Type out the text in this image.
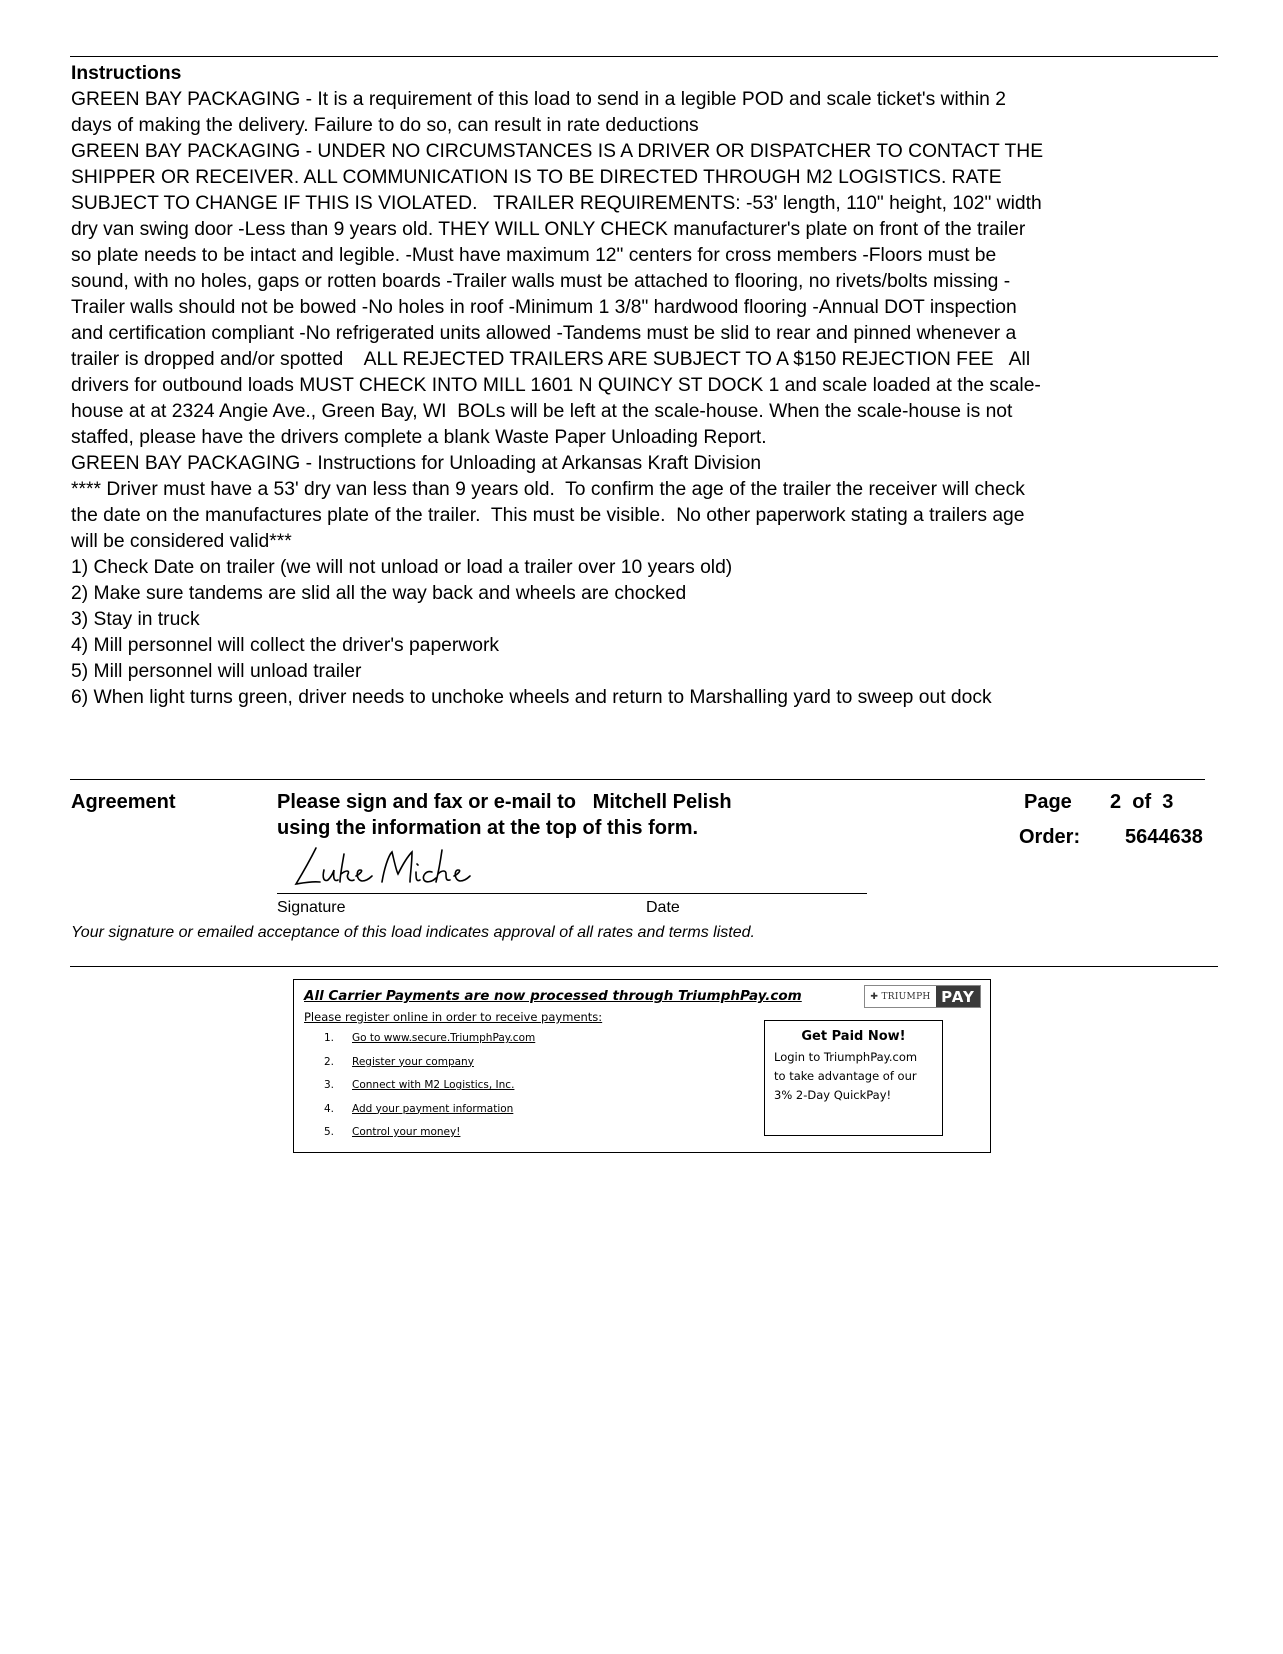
Instructions
GREEN BAY PACKAGING - It is a requirement of this load to send in a legible POD and scale ticket's within 2
days of making the delivery. Failure to do so, can result in rate deductions
GREEN BAY PACKAGING - UNDER NO CIRCUMSTANCES IS A DRIVER OR DISPATCHER TO CONTACT THE
SHIPPER OR RECEIVER. ALL COMMUNICATION IS TO BE DIRECTED THROUGH M2 LOGISTICS. RATE
SUBJECT TO CHANGE IF THIS IS VIOLATED.   TRAILER REQUIREMENTS: -53' length, 110" height, 102" width
dry van swing door -Less than 9 years old. THEY WILL ONLY CHECK manufacturer's plate on front of the trailer
so plate needs to be intact and legible. -Must have maximum 12" centers for cross members -Floors must be
sound, with no holes, gaps or rotten boards -Trailer walls must be attached to flooring, no rivets/bolts missing -
Trailer walls should not be bowed -No holes in roof -Minimum 1 3/8" hardwood flooring -Annual DOT inspection
and certification compliant -No refrigerated units allowed -Tandems must be slid to rear and pinned whenever a
trailer is dropped and/or spotted    ALL REJECTED TRAILERS ARE SUBJECT TO A $150 REJECTION FEE   All
drivers for outbound loads MUST CHECK INTO MILL 1601 N QUINCY ST DOCK 1 and scale loaded at the scale-
house at at 2324 Angie Ave., Green Bay, WI  BOLs will be left at the scale-house. When the scale-house is not
staffed, please have the drivers complete a blank Waste Paper Unloading Report.
GREEN BAY PACKAGING - Instructions for Unloading at Arkansas Kraft Division
**** Driver must have a 53' dry van less than 9 years old.  To confirm the age of the trailer the receiver will check
the date on the manufactures plate of the trailer.  This must be visible.  No other paperwork stating a trailers age
will be considered valid***
1) Check Date on trailer (we will not unload or load a trailer over 10 years old)
2) Make sure tandems are slid all the way back and wheels are chocked
3) Stay in truck
4) Mill personnel will collect the driver's paperwork
5) Mill personnel will unload trailer
6) When light turns green, driver needs to unchoke wheels and return to Marshalling yard to sweep out dock
Agreement	Please sign and fax or e-mail to Mitchell Pelish
using the information at the top of this form.
Page 2  of  3
Order: 5644638
Signature	Date
Your signature or emailed acceptance of this load indicates approval of all rates and terms listed.
All Carrier Payments are now processed through TriumphPay.com
Please register online in order to receive payments:
1.	Go to www.secure.TriumphPay.com
2.	Register your company
3.	Connect with M2 Logistics, Inc.
4.	Add your payment information
5.	Control your money!
✚
TRIUMPH PAY
Get Paid Now!
Login to TriumphPay.com
to take advantage of our
3% 2-Day QuickPay!
